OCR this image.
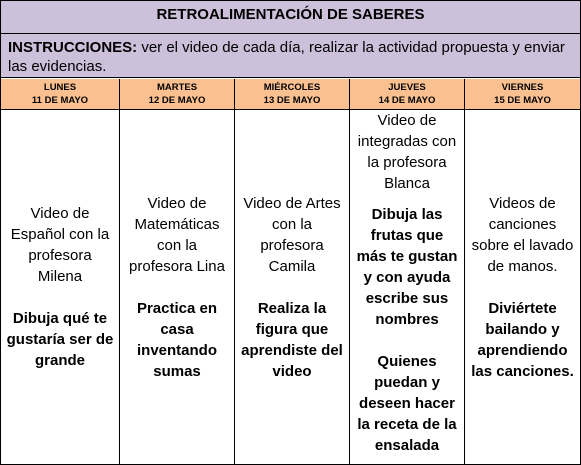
RETROALIMENTACIÓN DE SABERES
INSTRUCCIONES: ver el video de cada día, realizar la actividad propuesta y enviar las evidencias.
LUNES
11 DE MAYO
MARTES
12 DE MAYO
MIÉRCOLES
13 DE MAYO
JUEVES
14 DE MAYO
VIERNES
15 DE MAYO
Video de Español con la profesora Milena
Dibuja qué te gustaría ser de grande
Video de Matemáticas con la profesora Lina
Practica en casa inventando sumas
Video de Artes con la profesora Camila
Realiza la figura que aprendiste del video
Video de integradas con la profesora Blanca
Dibuja las frutas que más te gustan y con ayuda escribe sus nombres
Quienes puedan y deseen hacer la receta de la ensalada
Videos de canciones sobre el lavado de manos.
Diviértete bailando y aprendiendo las canciones.
